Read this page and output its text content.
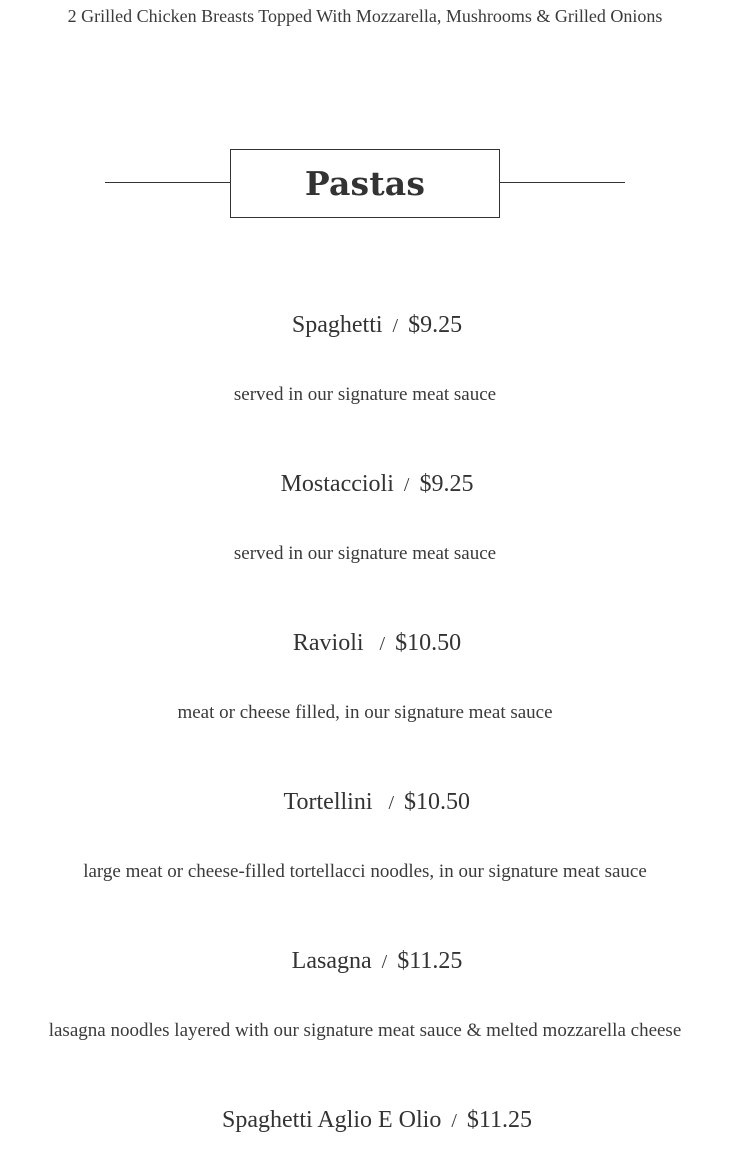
2 Grilled Chicken Breasts Topped With Mozzarella, Mushrooms & Grilled Onions
Pastas

Spaghetti / $9.25

served in our signature meat sauce

Mostaccioli / $9.25

served in our signature meat sauce

Ravioli / $10.50

meat or cheese filled, in our signature meat sauce

Tortellini / $10.50

large meat or cheese-filled tortellacci noodles, in our signature meat sauce

Lasagna / $11.25

lasagna noodles layered with our signature meat sauce & melted mozzarella cheese

Spaghetti Aglio E Olio / $11.25
